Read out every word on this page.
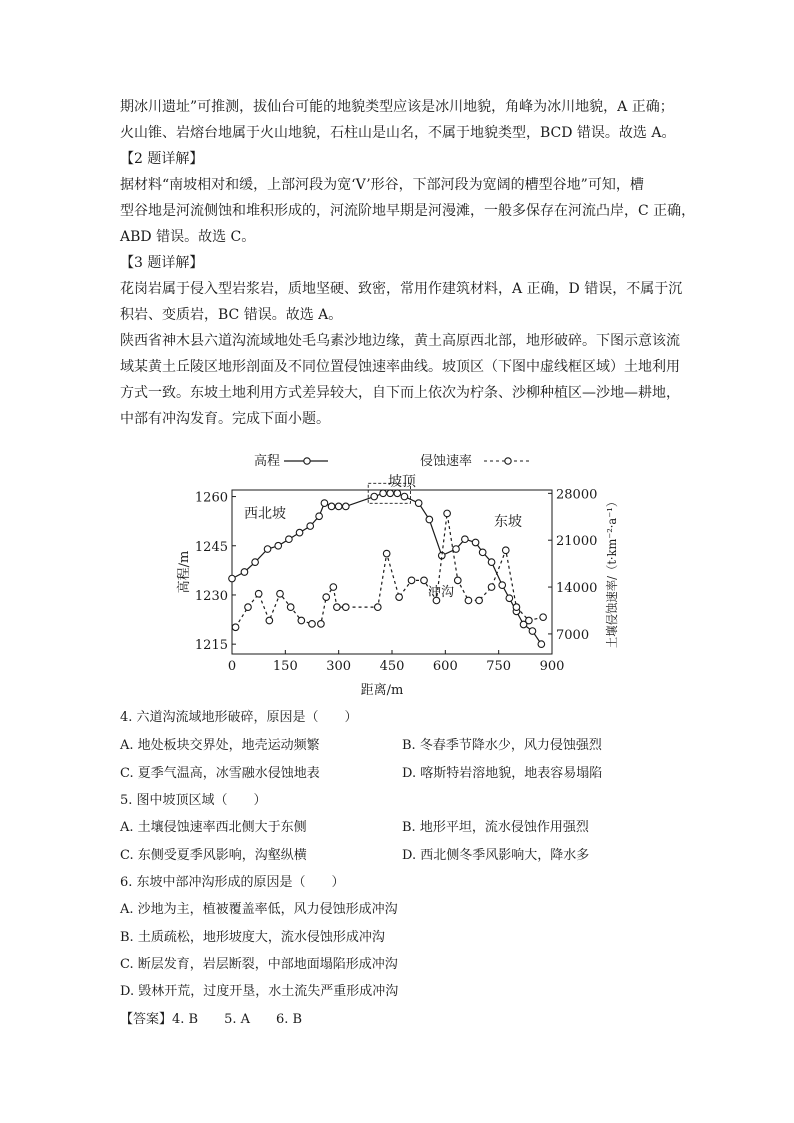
期冰川遗址”可推测，拔仙台可能的地貌类型应该是冰川地貌，角峰为冰川地貌，A 正确；
火山锥、岩熔台地属于火山地貌，石柱山是山名，不属于地貌类型，BCD 错误。故选 A。
【2 题详解】
据材料“南坡相对和缓，上部河段为宽‘V’形谷，下部河段为宽阔的槽型谷地”可知，槽
型谷地是河流侧蚀和堆积形成的，河流阶地早期是河漫滩，一般多保存在河流凸岸，C 正确，
ABD 错误。故选 C。
【3 题详解】
花岗岩属于侵入型岩浆岩，质地坚硬、致密，常用作建筑材料，A 正确，D 错误，不属于沉
积岩、变质岩，BC 错误。故选 A。
陕西省神木县六道沟流域地处毛乌素沙地边缘，黄土高原西北部，地形破碎。下图示意该流
域某黄土丘陵区地形剖面及不同位置侵蚀速率曲线。坡顶区（下图中虚线框区域）土地利用
方式一致。东坡土地利用方式差异较大，自下而上依次为柠条、沙柳种植区—沙地—耕地，
中部有冲沟发育。完成下面小题。
高程	侵蚀速率
0	150 300 450 600 750 900
1215
1230
1245
1260
7000
14000
21000
28000
西北坡
坡顶
东坡
冲沟
距离/m
高程/m	土壤侵蚀速率/（t·km⁻²·a⁻¹）
4. 六道沟流域地形破碎，原因是（　　）
A. 地处板块交界处，地壳运动频繁	B. 冬春季节降水少，风力侵蚀强烈
C. 夏季气温高，冰雪融水侵蚀地表	D. 喀斯特岩溶地貌，地表容易塌陷
5. 图中坡顶区域（　　）
A. 土壤侵蚀速率西北侧大于东侧	B. 地形平坦，流水侵蚀作用强烈
C. 东侧受夏季风影响，沟壑纵横	D. 西北侧冬季风影响大，降水多
6. 东坡中部冲沟形成的原因是（　　）
A. 沙地为主，植被覆盖率低，风力侵蚀形成冲沟
B. 土质疏松，地形坡度大，流水侵蚀形成冲沟
C. 断层发育，岩层断裂，中部地面塌陷形成冲沟
D. 毁林开荒，过度开垦，水土流失严重形成冲沟
【答案】4. B　　5. A　　6. B
